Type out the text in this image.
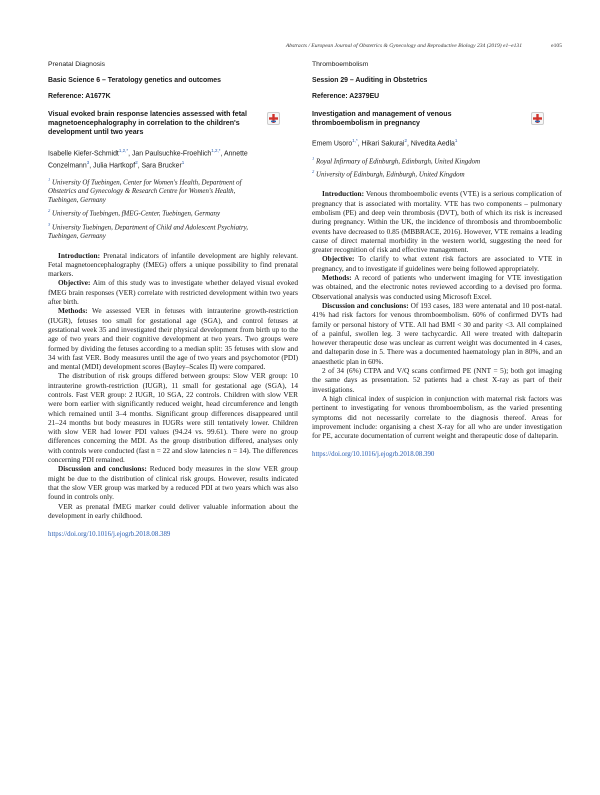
Abstracts / European Journal of Obstetrics & Gynecology and Reproductive Biology 234 (2019) e1–e131	e105
Prenatal Diagnosis
Basic Science 6 – Teratology genetics and outcomes
Reference: A1677K
Visual evoked brain response latencies assessed with fetal magnetoencephalography in correlation to the children's development until two years
Isabelle Kiefer-Schmidt$^{1,2,*}$, Jan Paulsuchke-Froehlich$^{1,2,*}$, Annette Conzelmann$^3$, Julia Hartkopf$^2$, Sara Brucker$^1$
$^1$ University Of Tuebingen, Center for Women's Health, Department of Obstetrics and Gynecology & Research Centre for Women's Health, Tuebingen, Germany
$^2$ University of Tuebingen, fMEG-Center, Tuebingen, Germany
$^3$ University Tuebingen, Department of Child and Adolescent Psychiatry, Tuebingen, Germany

Introduction: Prenatal indicators of infantile development are highly relevant. Fetal magnetoencephalography (fMEG) offers a unique possibility to find prenatal markers.

Objective: Aim of this study was to investigate whether delayed visual evoked fMEG brain responses (VER) correlate with restricted development within two years after birth.

Methods: We assessed VER in fetuses with intrauterine growth-restriction (IUGR), fetuses too small for gestational age (SGA), and control fetuses at gestational week 35 and investigated their physical development from birth up to the age of two years and their cognitive development at two years. Two groups were formed by dividing the fetuses according to a median split: 35 fetuses with slow and 34 with fast VER. Body measures until the age of two years and psychomotor (PDI) and mental (MDI) development scores (Bayley–Scales II) were compared.

The distribution of risk groups differed between groups: Slow VER group: 10 intrauterine growth-restriction (IUGR), 11 small for gestational age (SGA), 14 controls. Fast VER group: 2 IUGR, 10 SGA, 22 controls. Children with slow VER were born earlier with significantly reduced weight, head circumference and length which remained until 3–4 months. Significant group differences disappeared until 21–24 months but body measures in IUGRs were still tentatively lower. Children with slow VER had lower PDI values (94.24 vs. 99.61). There were no group differences concerning the MDI. As the group distribution differed, analyses only with controls were conducted (fast n = 22 and slow latencies n = 14). The differences concerning PDI remained.

Discussion and conclusions: Reduced body measures in the slow VER group might be due to the distribution of clinical risk groups. However, results indicated that the slow VER group was marked by a reduced PDI at two years which was also found in controls only.

VER as prenatal fMEG marker could deliver valuable information about the development in early childhood.

https://doi.org/10.1016/j.ejogrb.2018.08.389
Thromboembolism
Session 29 – Auditing in Obstetrics
Reference: A2379EU
Investigation and management of venous thromboembolism in pregnancy
Emem Usoro$^{1,*}$, Hikari Sakurai$^2$, Nivedita Aedla$^1$
$^1$ Royal Infirmary of Edinburgh, Edinburgh, United Kingdom
$^2$ University of Edinburgh, Edinburgh, United Kingdom

Introduction: Venous thromboembolic events (VTE) is a serious complication of pregnancy that is associated with mortality. VTE has two components – pulmonary embolism (PE) and deep vein thrombosis (DVT), both of which its risk is increased during pregnancy. Within the UK, the incidence of thrombosis and thromboembolic events have decreased to 0.85 (MBBRACE, 2016). However, VTE remains a leading cause of direct maternal morbidity in the western world, suggesting the need for greater recognition of risk and effective management.

Objective: To clarify to what extent risk factors are associated to VTE in pregnancy, and to investigate if guidelines were being followed appropriately.

Methods: A record of patients who underwent imaging for VTE investigation was obtained, and the electronic notes reviewed according to a devised pro forma. Observational analysis was conducted using Microsoft Excel.

Discussion and conclusions: Of 193 cases, 183 were antenatal and 10 post-natal. 41% had risk factors for venous thromboembolism. 60% of confirmed DVTs had family or personal history of VTE. All had BMI < 30 and parity <3. All complained of a painful, swollen leg. 3 were tachycardic. All were treated with dalteparin however therapeutic dose was unclear as current weight was documented in 4 cases, and dalteparin dose in 5. There was a documented haematology plan in 80%, and an anaesthetic plan in 60%.

2 of 34 (6%) CTPA and V/Q scans confirmed PE (NNT = 5); both got imaging the same days as presentation. 52 patients had a chest X-ray as part of their investigations.

A high clinical index of suspicion in conjunction with maternal risk factors was pertinent to investigating for venous thromboembolism, as the varied presenting symptoms did not necessarily correlate to the diagnosis thereof. Areas for improvement include: organising a chest X-ray for all who are under investigation for PE, accurate documentation of current weight and therapeutic dose of dalteparin.

https://doi.org/10.1016/j.ejogrb.2018.08.390
